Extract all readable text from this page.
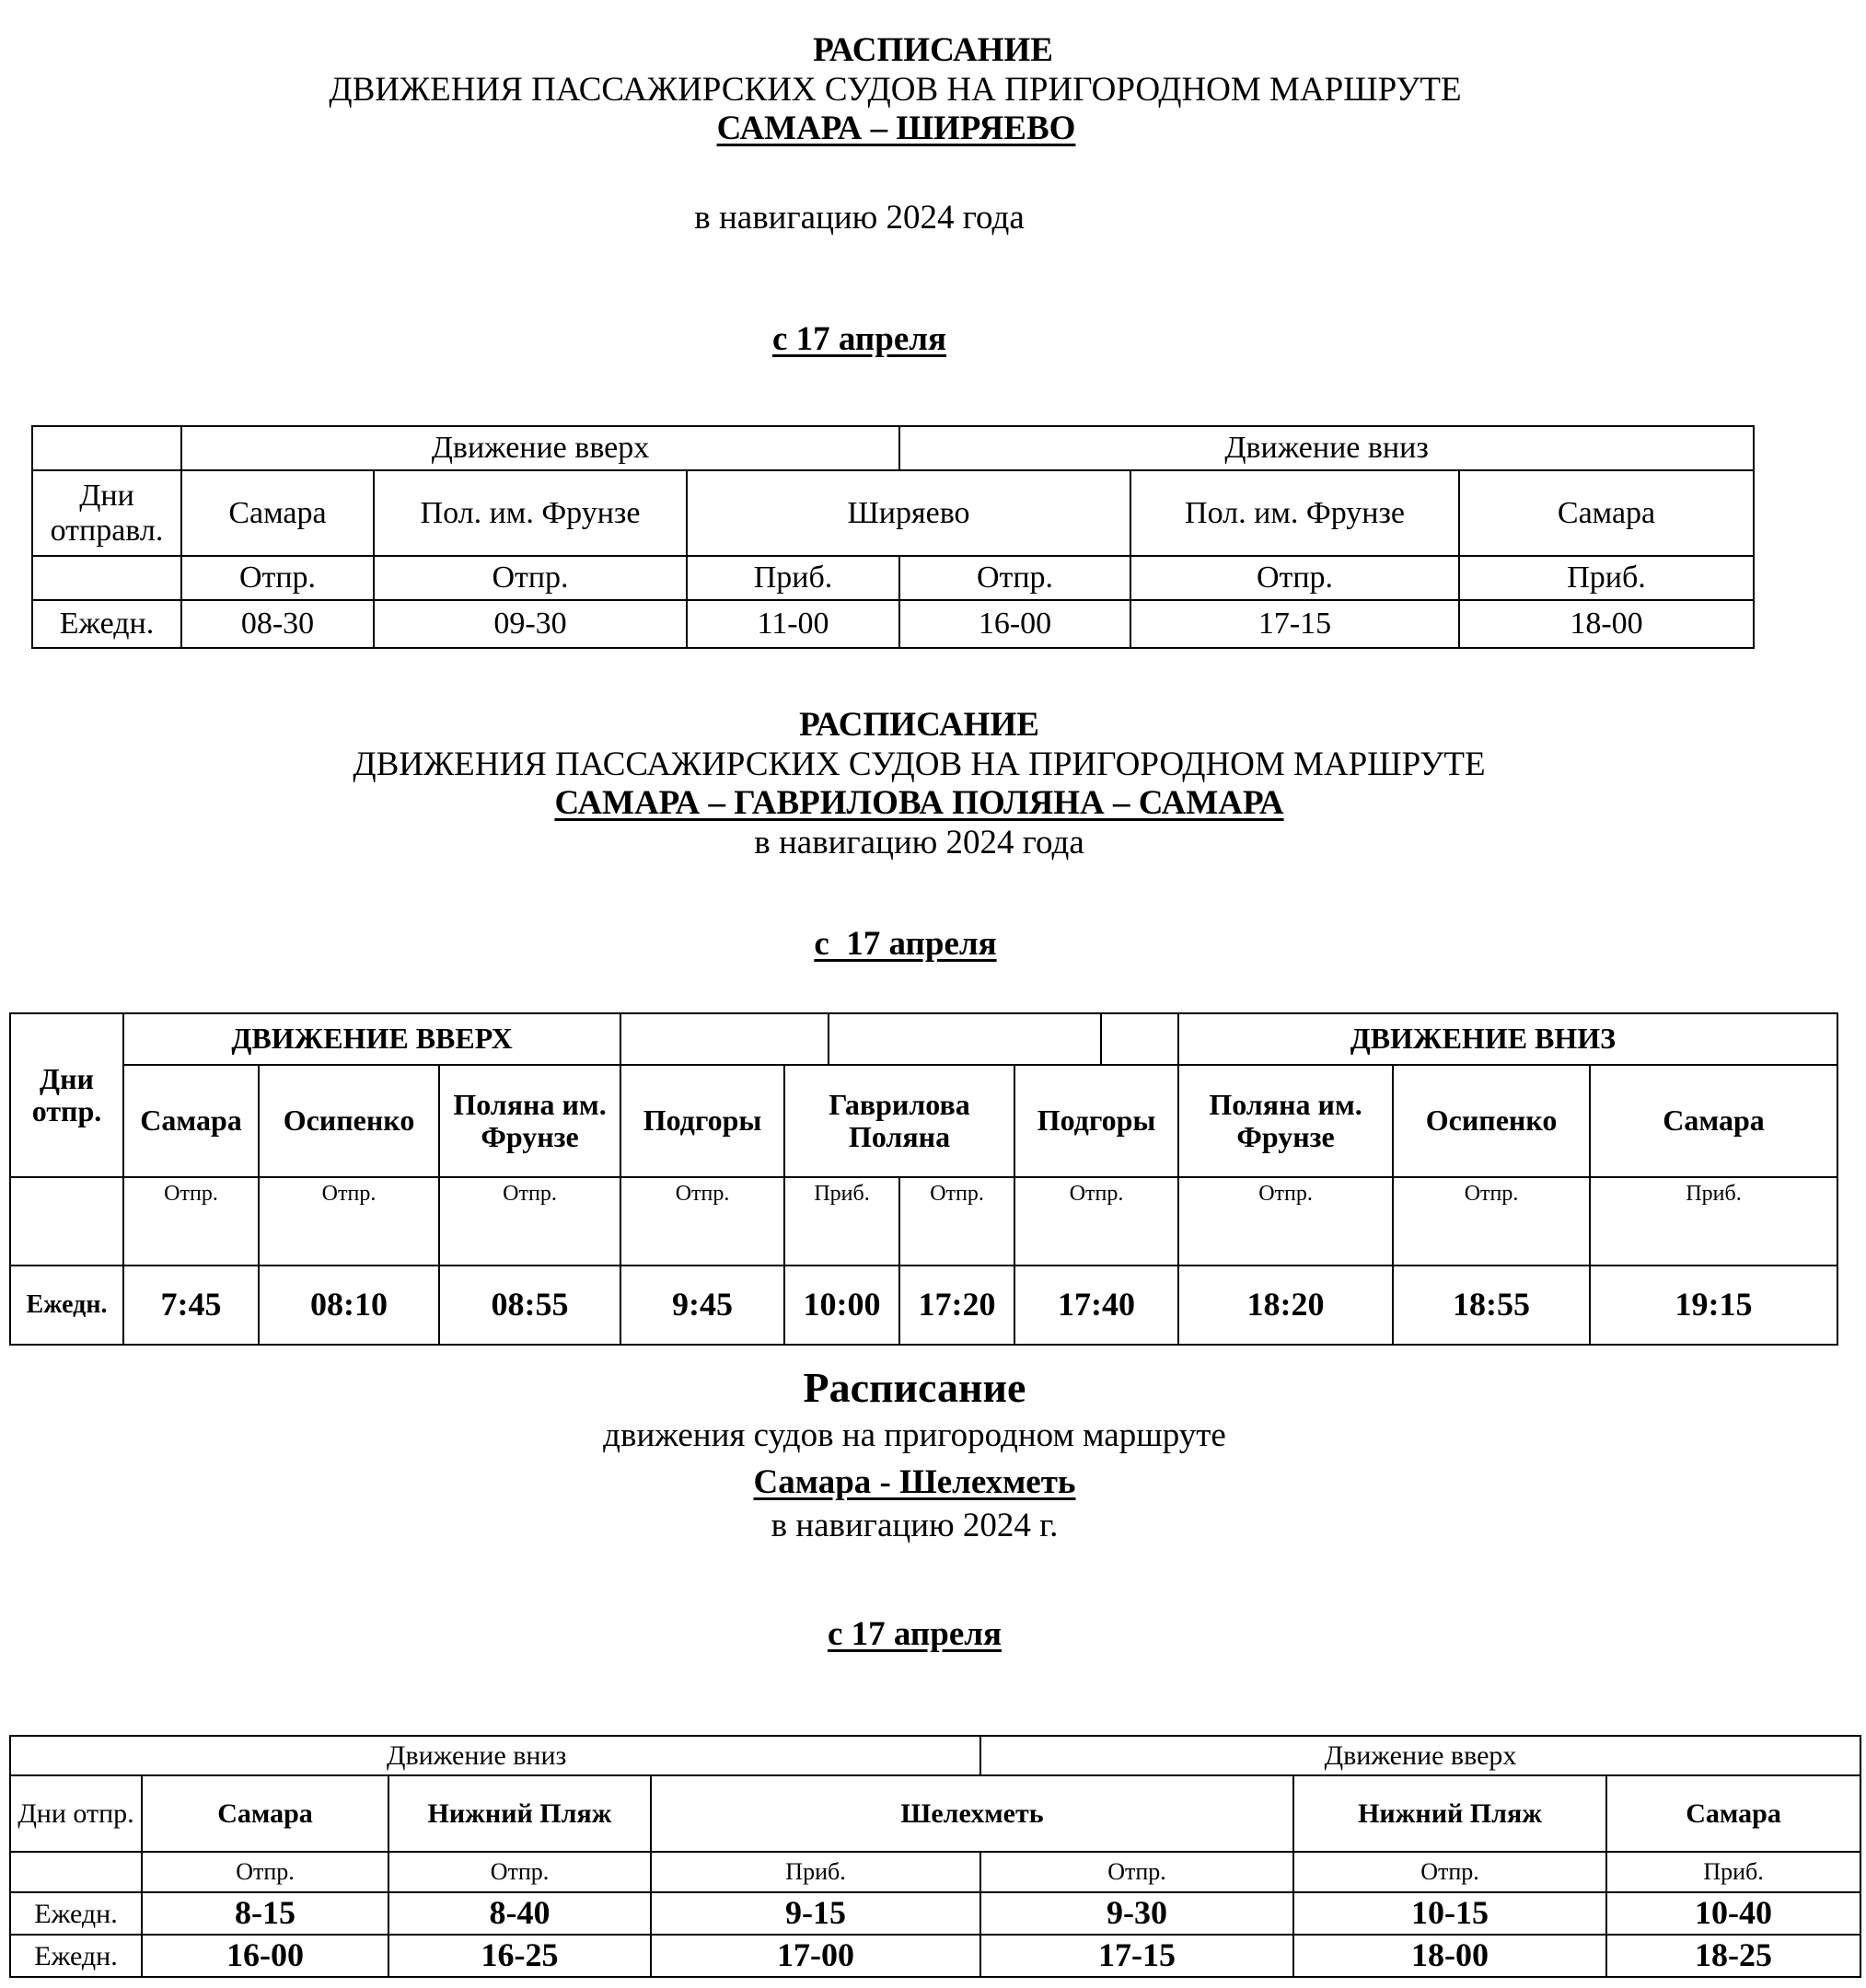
РАСПИСАНИЕ
ДВИЖЕНИЯ ПАССАЖИРСКИХ СУДОВ НА ПРИГОРОДНОМ МАРШРУТЕ
САМАРА – ШИРЯЕВО
в навигацию 2024 года
с 17 апреля
	Движение вверх			Движение вниз		
Дни отправл.	Самара	Пол. им. Фрунзе	Ширяево		Пол. им. Фрунзе	Самара
	Отпр.	Отпр.	Приб.	Отпр.	Отпр.	Приб.
Ежедн.	08-30	09-30	11-00	16-00	17-15	18-00
РАСПИСАНИЕ
ДВИЖЕНИЯ ПАССАЖИРСКИХ СУДОВ НА ПРИГОРОДНОМ МАРШРУТЕ
САМАРА – ГАВРИЛОВА ПОЛЯНА – САМАРА
в навигацию 2024 года
с  17 апреля
Дни отпр.	ДВИЖЕНИЕ ВВЕРХ							ДВИЖЕНИЕ ВНИЗ		
	Самара	Осипенко	Поляна им. Фрунзе	Подгоры	Гаврилова Поляна		Подгоры	Поляна им. Фрунзе	Осипенко	Самара
	Отпр.	Отпр.	Отпр.	Отпр.	Приб.	Отпр.	Отпр.	Отпр.	Отпр.	Приб.
Ежедн.	7:45	08:10	08:55	9:45	10:00	17:20	17:40	18:20	18:55	19:15
Расписание
движения судов на пригородном маршруте
Самара - Шелехметь
в навигацию 2024 г.
с 17 апреля
Движение вниз				Движение вверх		
Дни отпр.	Самара	Нижний Пляж	Шелехметь		Нижний Пляж	Самара
	Отпр.	Отпр.	Приб.	Отпр.	Отпр.	Приб.
Ежедн.	8-15	8-40	9-15	9-30	10-15	10-40
Ежедн.	16-00	16-25	17-00	17-15	18-00	18-25
